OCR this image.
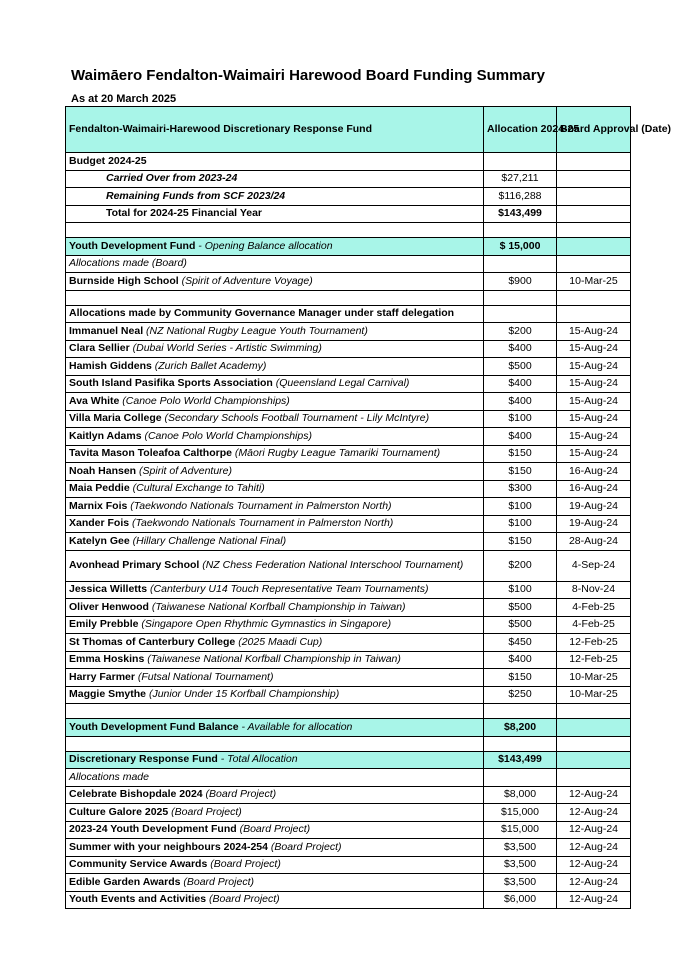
Waimāero Fendalton-Waimairi Harewood Board Funding Summary
As at 20 March 2025
Fendalton-Waimairi-Harewood Discretionary Response Fund	Allocation 2024-25	Board Approval (Date)
Budget 2024-25		
Carried Over from 2023-24	$27,211	
Remaining Funds from SCF 2023/24	$116,288	
Total for 2024-25 Financial Year	$143,499	

Youth Development Fund - Opening Balance allocation	$ 15,000	
Allocations made (Board)		
Burnside High School (Spirit of Adventure Voyage)	$900	10-Mar-25

Allocations made by Community Governance Manager under staff delegation		
Immanuel Neal (NZ National Rugby League Youth Tournament)	$200	15-Aug-24
Clara Sellier (Dubai World Series - Artistic Swimming)	$400	15-Aug-24
Hamish Giddens (Zurich Ballet Academy)	$500	15-Aug-24
South Island Pasifika Sports Association (Queensland Legal Carnival)	$400	15-Aug-24
Ava White (Canoe Polo World Championships)	$400	15-Aug-24
Villa Maria College (Secondary Schools Football Tournament - Lily McIntyre)	$100	15-Aug-24
Kaitlyn Adams (Canoe Polo World Championships)	$400	15-Aug-24
Tavita Mason Toleafoa Calthorpe (Māori Rugby League Tamariki Tournament)	$150	15-Aug-24
Noah Hansen (Spirit of Adventure)	$150	16-Aug-24
Maia Peddie (Cultural Exchange to Tahiti)	$300	16-Aug-24
Marnix Fois (Taekwondo Nationals Tournament in Palmerston North)	$100	19-Aug-24
Xander Fois (Taekwondo Nationals Tournament in Palmerston North)	$100	19-Aug-24
Katelyn Gee (Hillary Challenge National Final)	$150	28-Aug-24
Avonhead Primary School (NZ Chess Federation National Interschool Tournament)	$200	4-Sep-24
Jessica Willetts (Canterbury U14 Touch Representative Team Tournaments)	$100	8-Nov-24
Oliver Henwood (Taiwanese National Korfball Championship in Taiwan)	$500	4-Feb-25
Emily Prebble (Singapore Open Rhythmic Gymnastics in Singapore)	$500	4-Feb-25
St Thomas of Canterbury College (2025 Maadi Cup)	$450	12-Feb-25
Emma Hoskins (Taiwanese National Korfball Championship in Taiwan)	$400	12-Feb-25
Harry Farmer (Futsal National Tournament)	$150	10-Mar-25
Maggie Smythe (Junior Under 15 Korfball Championship)	$250	10-Mar-25

Youth Development Fund Balance - Available for allocation	$8,200	

Discretionary Response Fund - Total Allocation	$143,499	
Allocations made		
Celebrate Bishopdale 2024 (Board Project)	$8,000	12-Aug-24
Culture Galore 2025 (Board Project)	$15,000	12-Aug-24
2023-24 Youth Development Fund (Board Project)	$15,000	12-Aug-24
Summer with your neighbours 2024-254 (Board Project)	$3,500	12-Aug-24
Community Service Awards (Board Project)	$3,500	12-Aug-24
Edible Garden Awards (Board Project)	$3,500	12-Aug-24
Youth Events and Activities (Board Project)	$6,000	12-Aug-24
